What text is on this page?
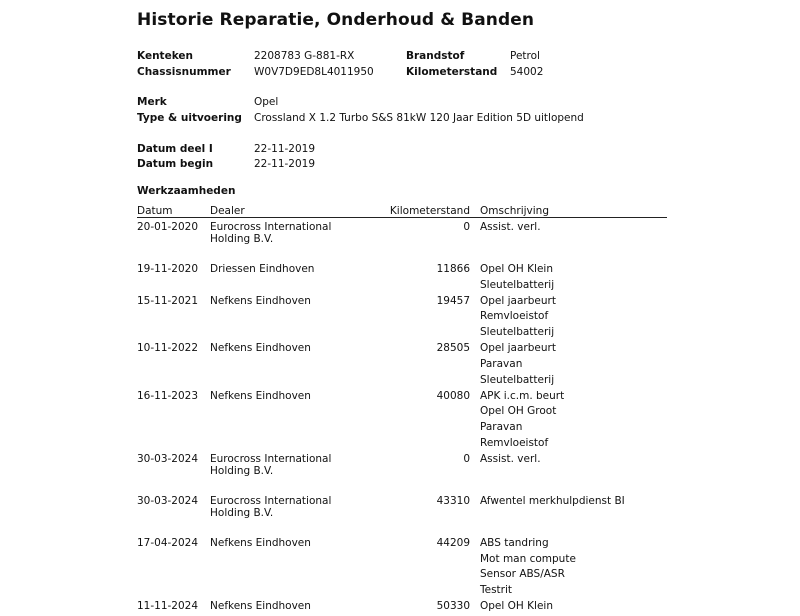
Historie Reparatie, Onderhoud & Banden
Kenteken	2208783 G-881-RX	Brandstof	Petrol
Chassisnummer W0V7D9ED8L4011950	Kilometerstand 54002
Merk	Opel
Type & uitvoering Crossland X 1.2 Turbo S&S 81kW 120 Jaar Edition 5D uitlopend
Datum deel I	22-11-2019
Datum begin	22-11-2019
Werkzaamheden
Datum	Dealer	Kilometerstand Omschrijving
20-01-2020 Eurocross International Holding B.V.
0 Assist. verl.
19-11-2020 Driessen Eindhoven	11866 Opel OH Klein
Sleutelbatterij
15-11-2021 Nefkens Eindhoven	19457 Opel jaarbeurt
Remvloeistof
Sleutelbatterij
10-11-2022 Nefkens Eindhoven	28505 Opel jaarbeurt
Paravan
Sleutelbatterij
16-11-2023 Nefkens Eindhoven	40080 APK i.c.m. beurt
Opel OH Groot
Paravan
Remvloeistof
30-03-2024 Eurocross International Holding B.V.
0 Assist. verl.
30-03-2024 Eurocross International Holding B.V.
43310 Afwentel merkhulpdienst BI
17-04-2024 Nefkens Eindhoven	44209 ABS tandring
Mot man compute
Sensor ABS/ASR
Testrit
11-11-2024 Nefkens Eindhoven	50330 Opel OH Klein
